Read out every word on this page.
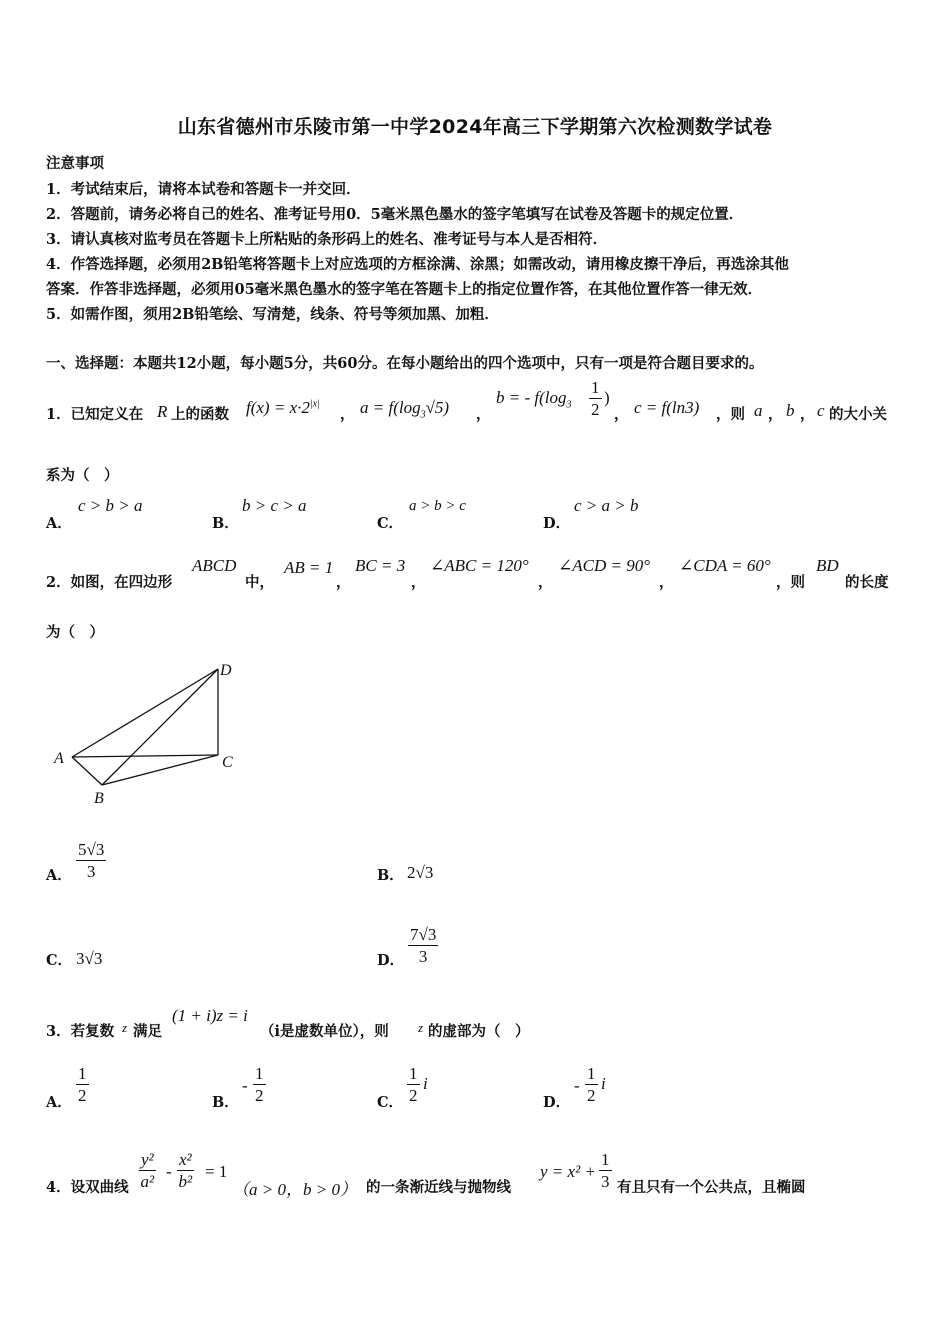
山东省德州市乐陵市第一中学2024年高三下学期第六次检测数学试卷
注意事项
1．考试结束后，请将本试卷和答题卡一并交回．
2．答题前，请务必将自己的姓名、准考证号用0．5毫米黑色墨水的签字笔填写在试卷及答题卡的规定位置．
3．请认真核对监考员在答题卡上所粘贴的条形码上的姓名、准考证号与本人是否相符．
4．作答选择题，必须用2B铅笔将答题卡上对应选项的方框涂满、涂黑；如需改动，请用橡皮擦干净后，再选涂其他
答案．作答非选择题，必须用05毫米黑色墨水的签字笔在答题卡上的指定位置作答，在其他位置作答一律无效．
5．如需作图，须用2B铅笔绘、写清楚，线条、符号等须加黑、加粗．
一、选择题：本题共12小题，每小题5分，共60分。在每小题给出的四个选项中，只有一项是符合题目要求的。
1．已知定义在 R 上的函数 $f(x) = x\cdot 2^{|x|}$
， $a = f(\log_3√5)$ ，
b = - $f(\log_3 \frac{1}{2}$ )
， c = f(ln3) ，则 a ， b ， c 的大小关
系为（　）
A．
c > b > a
B．
b > c > a
C．
a > b > c
D．
c > a > b
2．如图，在四边形
ABCD
中，
AB = 1
，
BC = 3
，
∠ABC = 120°
，
∠ACD = 90°
，
∠CDA = 60°
，则
BD
的长度
为（　）
A
B
C
D
A． $\frac{5√3}{3}$	B． 2√3
C． 3√3	D． $\frac{7√3}{3}$
3．若复数 z 满足
(1 + i)z = i
（i是虚数单位），则 z 的虚部为（　）
A． $\frac{1}{2}$	B．
- $\frac{1}{2}$	C． $\frac{1}{2}$ i
D．
- $\frac{1}{2}$ i
4．设双曲线 $\frac{\text{y²}}{\text{a²}} - \frac{\text{x²}}{\text{b²}} = 1$
（a > 0，b > 0） 的一条渐近线与抛物线
$y = x^2 + \frac{1}{3}$ 有且只有一个公共点，且椭圆
